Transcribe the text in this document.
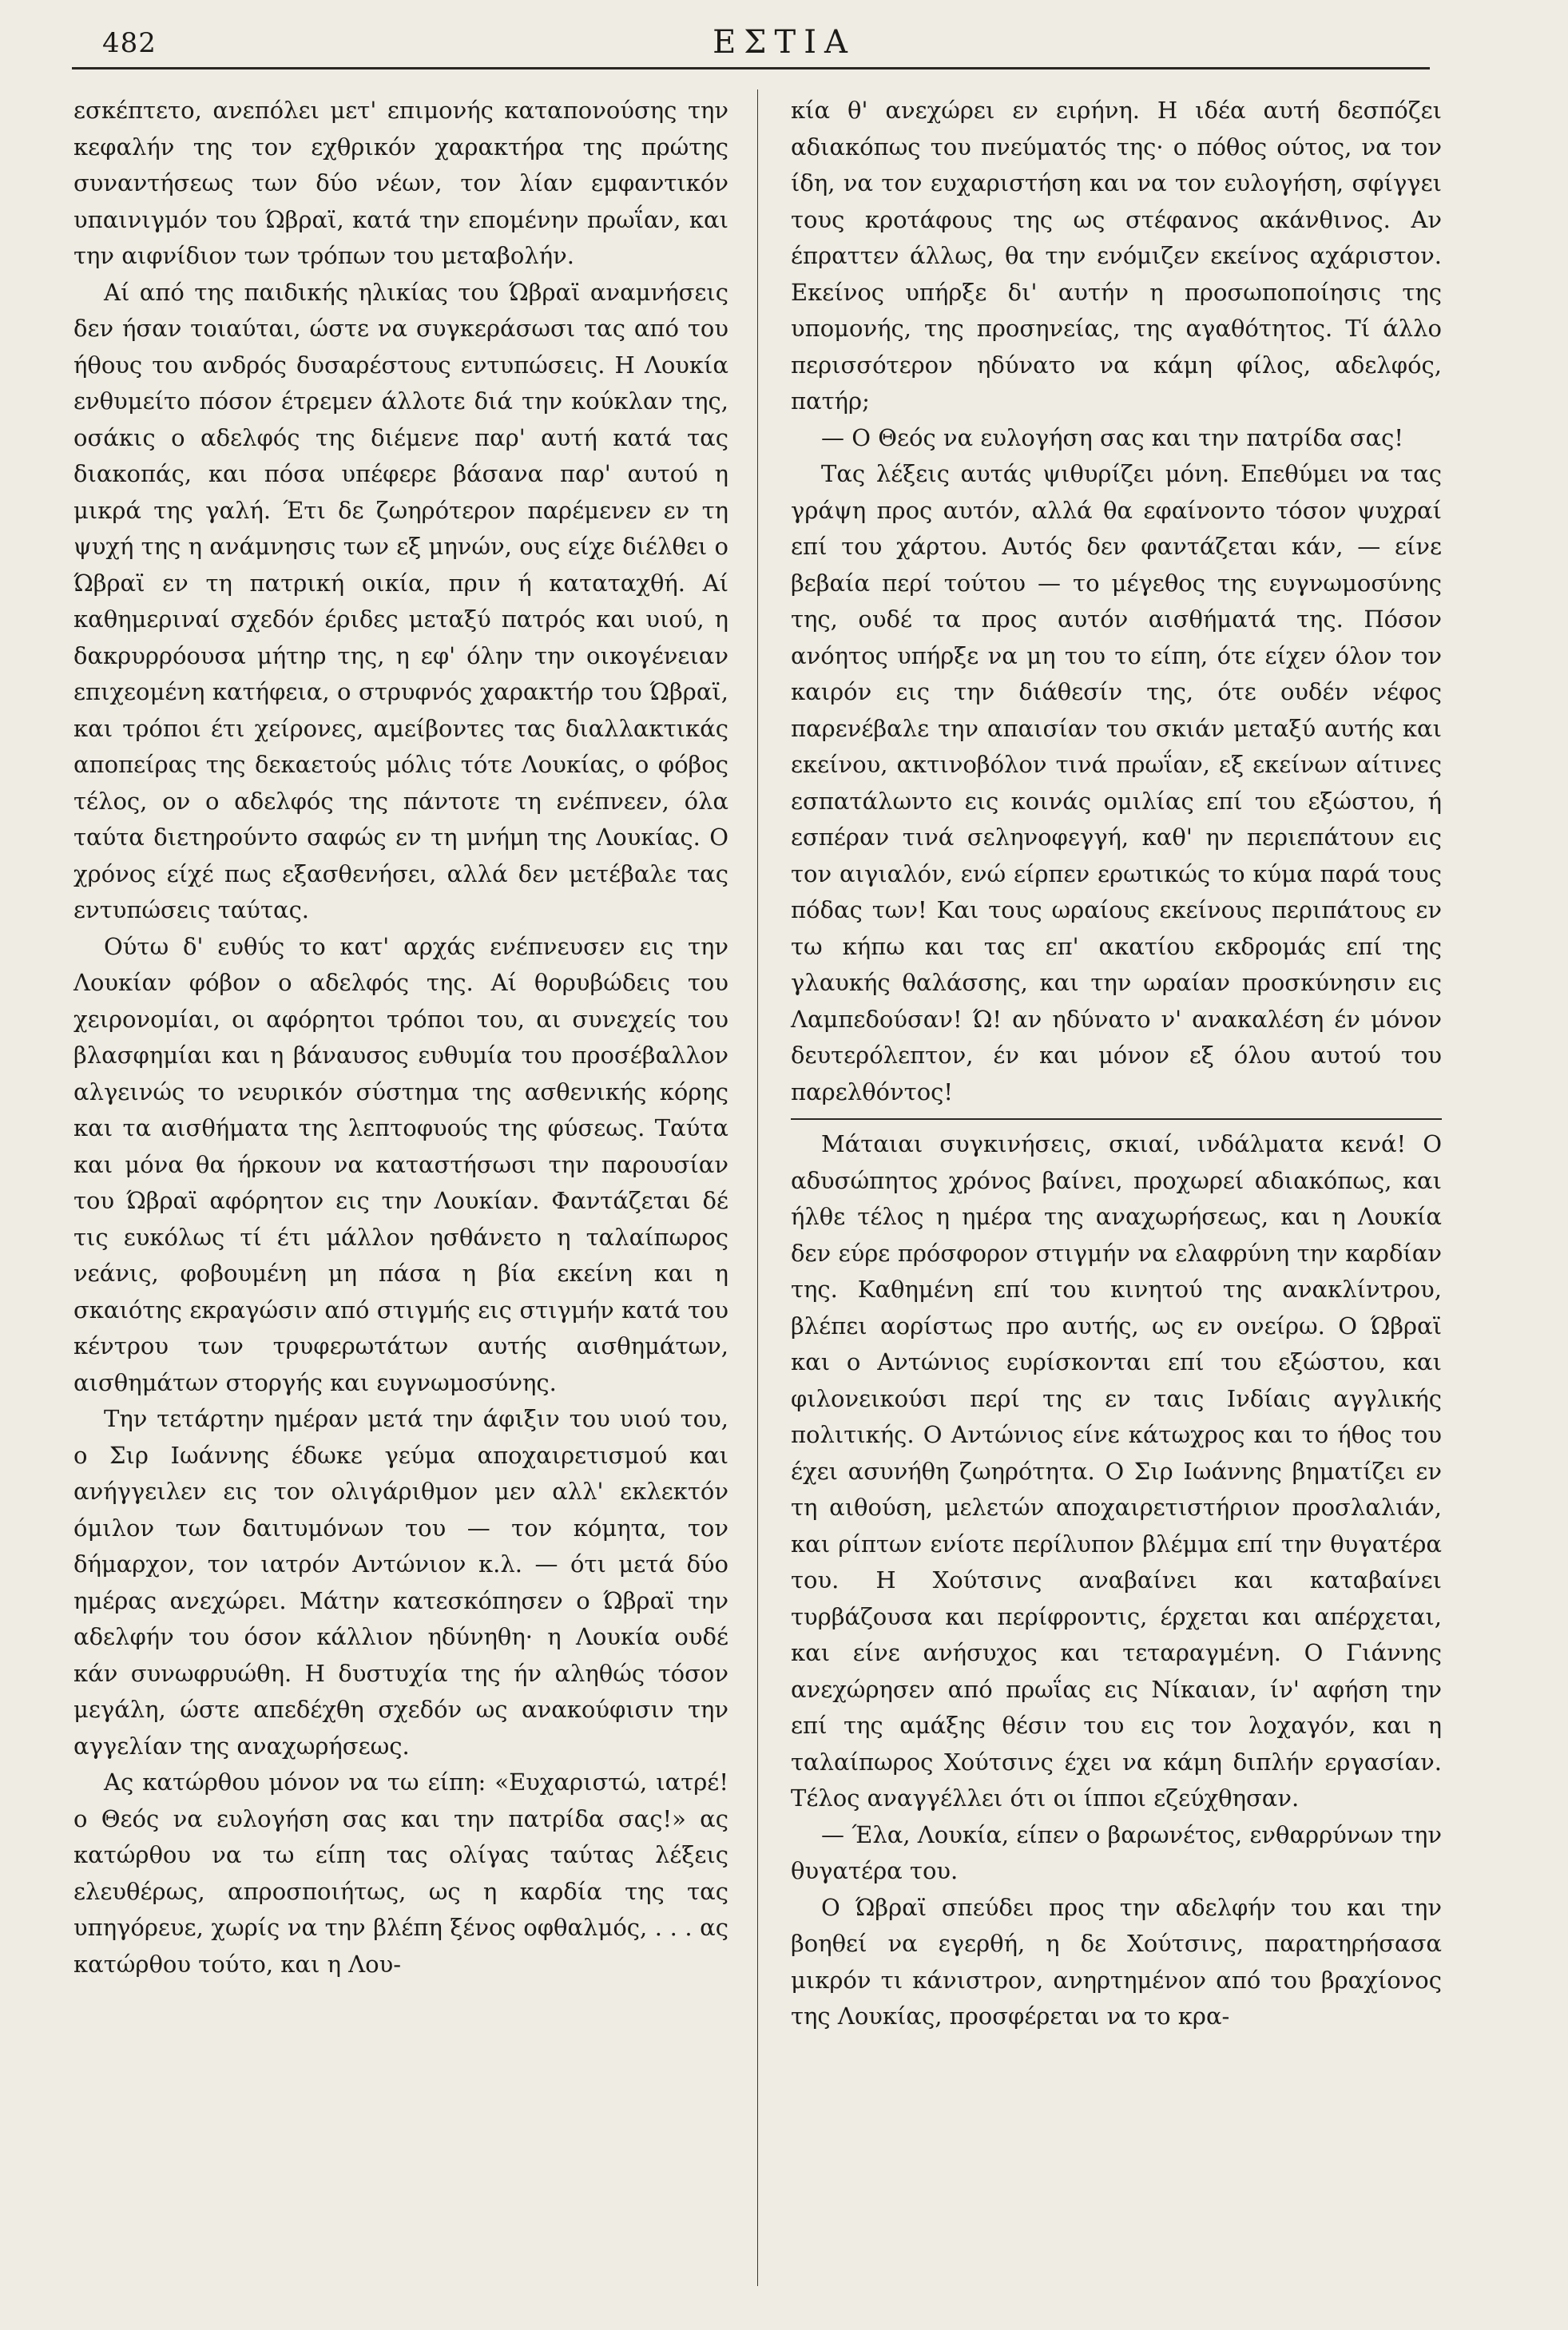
482	ΕΣΤΙΑ

εσκέπτετο, ανεπόλει μετ' επιμονής καταπονούσης την κεφαλήν της τον εχθρικόν χαρακτήρα της πρώτης συναντήσεως των δύο νέων, τον λίαν εμφαντικόν υπαινιγμόν του Ώβραϊ, κατά την επομένην πρωΐαν, και την αιφνίδιον των τρόπων του μεταβολήν.

Αί από της παιδικής ηλικίας του Ώβραϊ αναμνήσεις δεν ήσαν τοιαύται, ώστε να συγκεράσωσι τας από του ήθους του ανδρός δυσαρέστους εντυπώσεις. Η Λουκία ενθυμείτο πόσον έτρεμεν άλλοτε διά την κούκλαν της, οσάκις ο αδελφός της διέμενε παρ' αυτή κατά τας διακοπάς, και πόσα υπέφερε βάσανα παρ' αυτού η μικρά της γαλή. Έτι δε ζωηρότερον παρέμενεν εν τη ψυχή της η ανάμνησις των εξ μηνών, ους είχε διέλθει ο Ώβραϊ εν τη πατρική οικία, πριν ή καταταχθή. Αί καθημεριναί σχεδόν έριδες μεταξύ πατρός και υιού, η δακρυρρόουσα μήτηρ της, η εφ' όλην την οικογένειαν επιχεομένη κατήφεια, ο στρυφνός χαρακτήρ του Ώβραϊ, και τρόποι έτι χείρονες, αμείβοντες τας διαλλακτικάς αποπείρας της δεκαετούς μόλις τότε Λουκίας, ο φόβος τέλος, ον ο αδελφός της πάντοτε τη ενέπνεεν, όλα ταύτα διετηρούντο σαφώς εν τη μνήμη της Λουκίας. Ο χρόνος είχέ πως εξασθενήσει, αλλά δεν μετέβαλε τας εντυπώσεις ταύτας.

Ούτω δ' ευθύς το κατ' αρχάς ενέπνευσεν εις την Λουκίαν φόβον ο αδελφός της. Αί θορυβώδεις του χειρονομίαι, οι αφόρητοι τρόποι του, αι συνεχείς του βλασφημίαι και η βάναυσος ευθυμία του προσέβαλλον αλγεινώς το νευρικόν σύστημα της ασθενικής κόρης και τα αισθήματα της λεπτοφυούς της φύσεως. Ταύτα και μόνα θα ήρκουν να καταστήσωσι την παρουσίαν του Ώβραϊ αφόρητον εις την Λουκίαν. Φαντάζεται δέ τις ευκόλως τί έτι μάλλον ησθάνετο η ταλαίπωρος νεάνις, φοβουμένη μη πάσα η βία εκείνη και η σκαιότης εκραγώσιν από στιγμής εις στιγμήν κατά του κέντρου των τρυφερωτάτων αυτής αισθημάτων, αισθημάτων στοργής και ευγνωμοσύνης.

Την τετάρτην ημέραν μετά την άφιξιν του υιού του, ο Σιρ Ιωάννης έδωκε γεύμα αποχαιρετισμού και ανήγγειλεν εις τον ολιγάριθμον μεν αλλ' εκλεκτόν όμιλον των δαιτυμόνων του — τον κόμητα, τον δήμαρχον, τον ιατρόν Αντώνιον κ.λ. — ότι μετά δύο ημέρας ανεχώρει. Μάτην κατεσκόπησεν ο Ώβραϊ την αδελφήν του όσον κάλλιον ηδύνηθη· η Λουκία ουδέ κάν συνωφρυώθη. Η δυστυχία της ήν αληθώς τόσον μεγάλη, ώστε απεδέχθη σχεδόν ως ανακούφισιν την αγγελίαν της αναχωρήσεως.

Ας κατώρθου μόνον να τω είπη: «Ευχαριστώ, ιατρέ! ο Θεός να ευλογήση σας και την πατρίδα σας!» ας κατώρθου να τω είπη τας ολίγας ταύτας λέξεις ελευθέρως, απροσποιήτως, ως η καρδία της τας υπηγόρευε, χωρίς να την βλέπη ξένος οφθαλμός, . . . ας κατώρθου τούτο, και η Λου-

κία θ' ανεχώρει εν ειρήνη. Η ιδέα αυτή δεσπόζει αδιακόπως του πνεύματός της· ο πόθος ούτος, να τον ίδη, να τον ευχαριστήση και να τον ευλογήση, σφίγγει τους κροτάφους της ως στέφανος ακάνθινος. Αν έπραττεν άλλως, θα την ενόμιζεν εκείνος αχάριστον. Εκείνος υπήρξε δι' αυτήν η προσωποποίησις της υπομονής, της προσηνείας, της αγαθότητος. Τί άλλο περισσότερον ηδύνατο να κάμη φίλος, αδελφός, πατήρ;

— Ο Θεός να ευλογήση σας και την πατρίδα σας!

Τας λέξεις αυτάς ψιθυρίζει μόνη. Επεθύμει να τας γράψη προς αυτόν, αλλά θα εφαίνοντο τόσον ψυχραί επί του χάρτου. Αυτός δεν φαντάζεται κάν, — είνε βεβαία περί τούτου — το μέγεθος της ευγνωμοσύνης της, ουδέ τα προς αυτόν αισθήματά της. Πόσον ανόητος υπήρξε να μη του το είπη, ότε είχεν όλον τον καιρόν εις την διάθεσίν της, ότε ουδέν νέφος παρενέβαλε την απαισίαν του σκιάν μεταξύ αυτής και εκείνου, ακτινοβόλον τινά πρωΐαν, εξ εκείνων αίτινες εσπατάλωντο εις κοινάς ομιλίας επί του εξώστου, ή εσπέραν τινά σεληνοφεγγή, καθ' ην περιεπάτουν εις τον αιγιαλόν, ενώ είρπεν ερωτικώς το κύμα παρά τους πόδας των! Και τους ωραίους εκείνους περιπάτους εν τω κήπω και τας επ' ακατίου εκδρομάς επί της γλαυκής θαλάσσης, και την ωραίαν προσκύνησιν εις Λαμπεδούσαν! Ώ! αν ηδύνατο ν' ανακαλέση έν μόνον δευτερόλεπτον, έν και μόνον εξ όλου αυτού του παρελθόντος!

Μάταιαι συγκινήσεις, σκιαί, ινδάλματα κενά! Ο αδυσώπητος χρόνος βαίνει, προχωρεί αδιακόπως, και ήλθε τέλος η ημέρα της αναχωρήσεως, και η Λουκία δεν εύρε πρόσφορον στιγμήν να ελαφρύνη την καρδίαν της. Καθημένη επί του κινητού της ανακλίντρου, βλέπει αορίστως προ αυτής, ως εν ονείρω. Ο Ώβραϊ και ο Αντώνιος ευρίσκονται επί του εξώστου, και φιλονεικούσι περί της εν ταις Ινδίαις αγγλικής πολιτικής. Ο Αντώνιος είνε κάτωχρος και το ήθος του έχει ασυνήθη ζωηρότητα. Ο Σιρ Ιωάννης βηματίζει εν τη αιθούση, μελετών αποχαιρετιστήριον προσλαλιάν, και ρίπτων ενίοτε περίλυπον βλέμμα επί την θυγατέρα του. Η Χούτσινς αναβαίνει και καταβαίνει τυρβάζουσα και περίφροντις, έρχεται και απέρχεται, και είνε ανήσυχος και τεταραγμένη. Ο Γιάννης ανεχώρησεν από πρωΐας εις Νίκαιαν, ίν' αφήση την επί της αμάξης θέσιν του εις τον λοχαγόν, και η ταλαίπωρος Χούτσινς έχει να κάμη διπλήν εργασίαν. Τέλος αναγγέλλει ότι οι ίπποι εζεύχθησαν.

— Έλα, Λουκία, είπεν ο βαρωνέτος, ενθαρρύνων την θυγατέρα του.

Ο Ώβραϊ σπεύδει προς την αδελφήν του και την βοηθεί να εγερθή, η δε Χούτσινς, παρατηρήσασα μικρόν τι κάνιστρον, ανηρτημένον από του βραχίονος της Λουκίας, προσφέρεται να το κρα-
